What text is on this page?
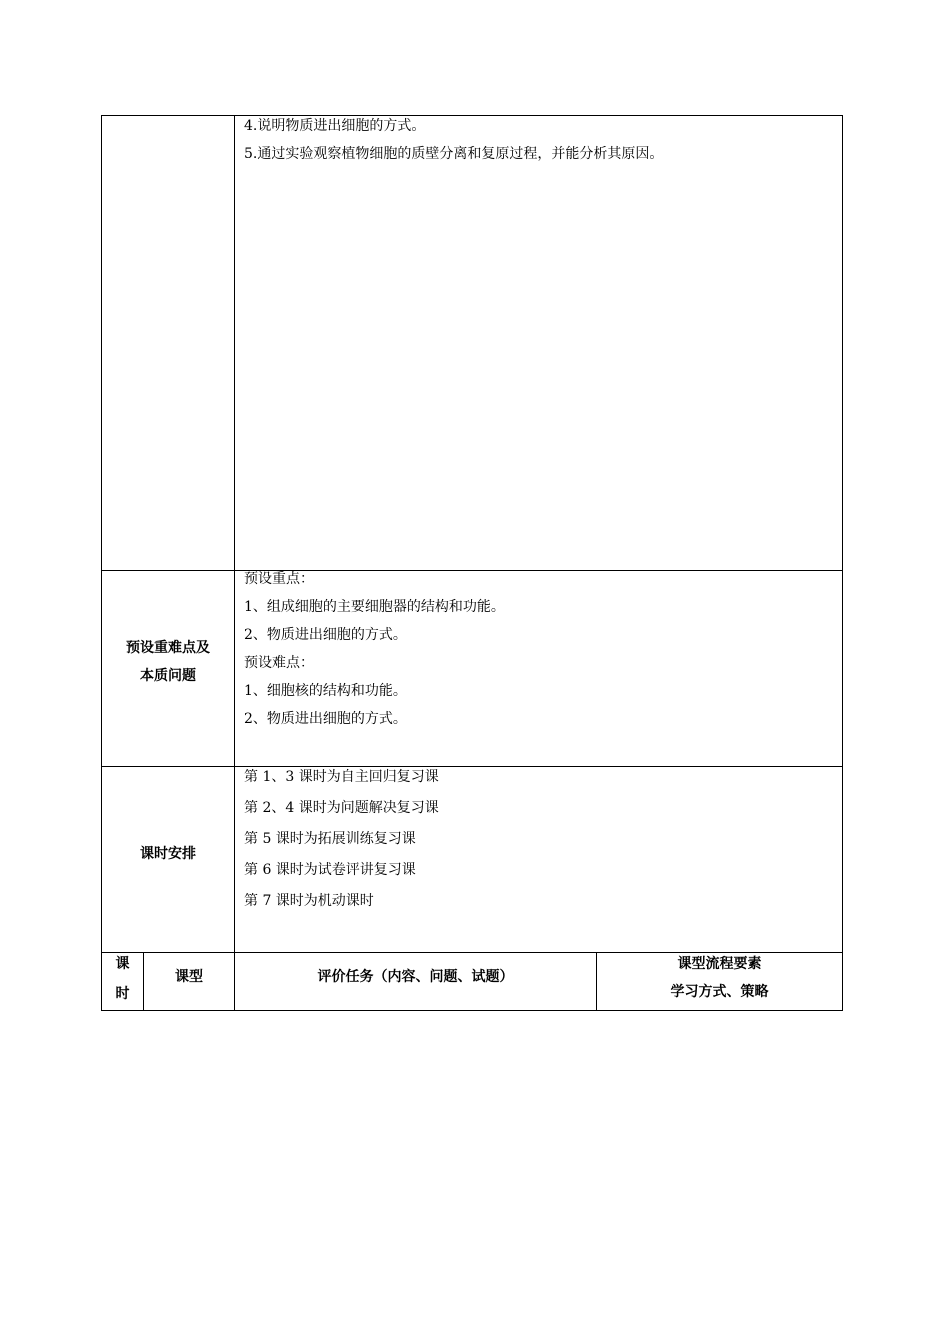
4.说明物质进出细胞的方式。
5.通过实验观察植物细胞的质壁分离和复原过程，并能分析其原因。
预设重难点及
本质问题
预设重点：
1、组成细胞的主要细胞器的结构和功能。
2、物质进出细胞的方式。
预设难点：
1、细胞核的结构和功能。
2、物质进出细胞的方式。
课时安排
第 1、3 课时为自主回归复习课
第 2、4 课时为问题解决复习课
第 5 课时为拓展训练复习课
第 6 课时为试卷评讲复习课
第 7 课时为机动课时
课
时
课型	评价任务（内容、问题、试题）
课型流程要素
学习方式、策略
